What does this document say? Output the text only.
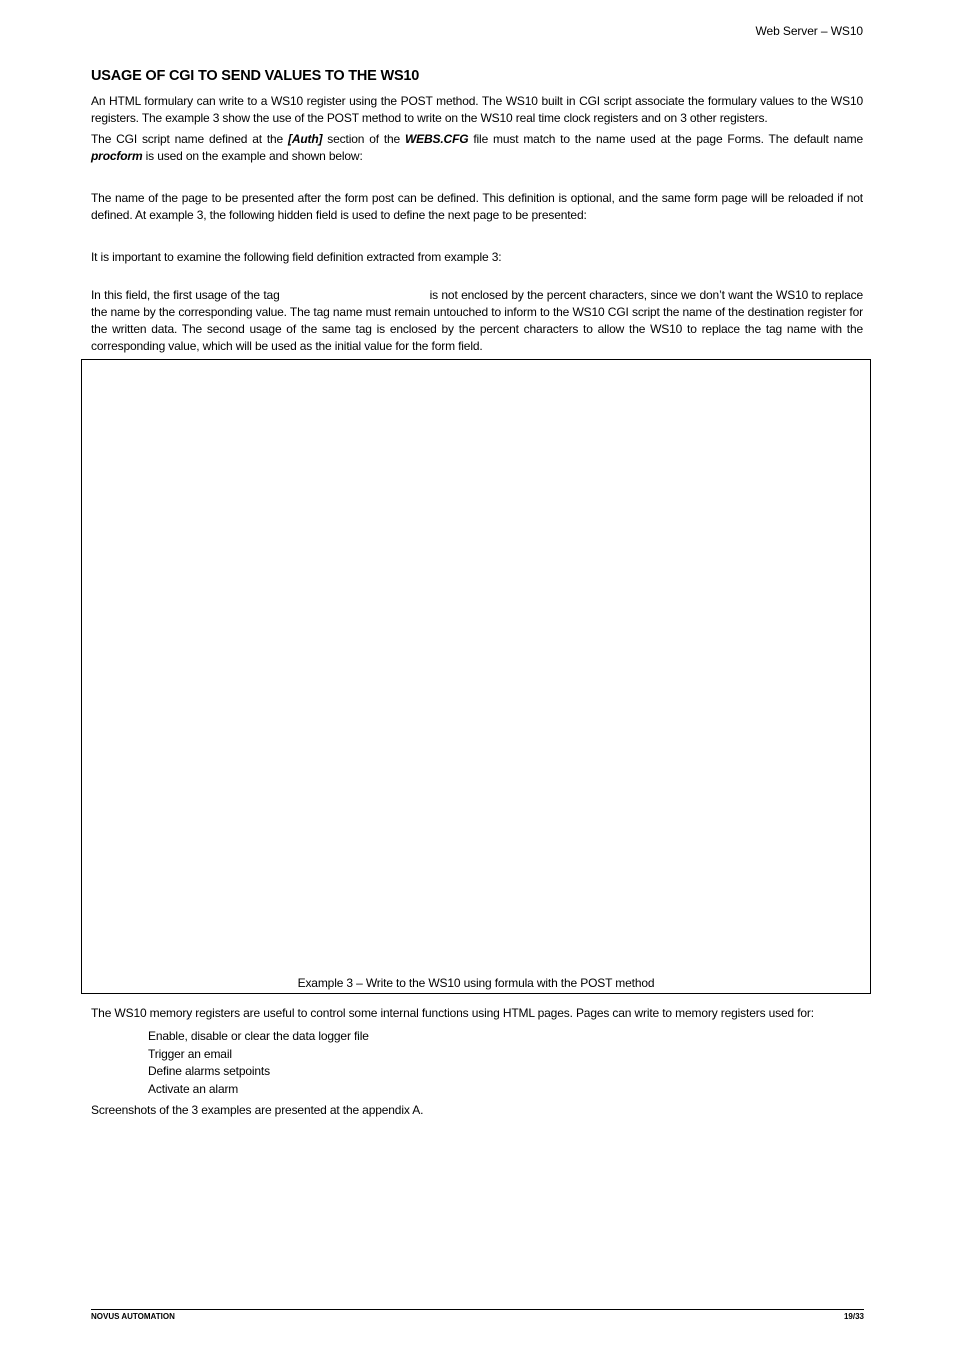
Web Server – WS10
USAGE OF CGI TO SEND VALUES TO THE WS10

An HTML formulary can write to a WS10 register using the POST method. The WS10 built in CGI script associate the formulary values to the WS10 registers. The example 3 show the use of the POST method to write on the WS10 real time clock registers and on 3 other registers.

The CGI script name defined at the [Auth] section of the WEBS.CFG file must match to the name used at the page Forms. The default name procform is used on the example and shown below:

The name of the page to be presented after the form post can be defined. This definition is optional, and the same form page will be reloaded if not defined. At example 3, the following hidden field is used to define the next page to be presented:

It is important to examine the following field definition extracted from example 3:

In this field, the first usage of the tag	is not enclosed by the percent characters, since we don’t want the WS10 to replace the name by the corresponding value. The tag name must remain untouched to inform to the WS10 CGI script the name of the destination register for the written data. The second usage of the same tag is enclosed by the percent characters to allow the WS10 to replace the tag name with the corresponding value, which will be used as the initial value for the form field.

Example 3 – Write to the WS10 using formula with the POST method

The WS10 memory registers are useful to control some internal functions using HTML pages. Pages can write to memory registers used for:

Enable, disable or clear the data logger file
Trigger an email
Define alarms setpoints
Activate an alarm

Screenshots of the 3 examples are presented at the appendix A.

NOVUS AUTOMATION	19/33
